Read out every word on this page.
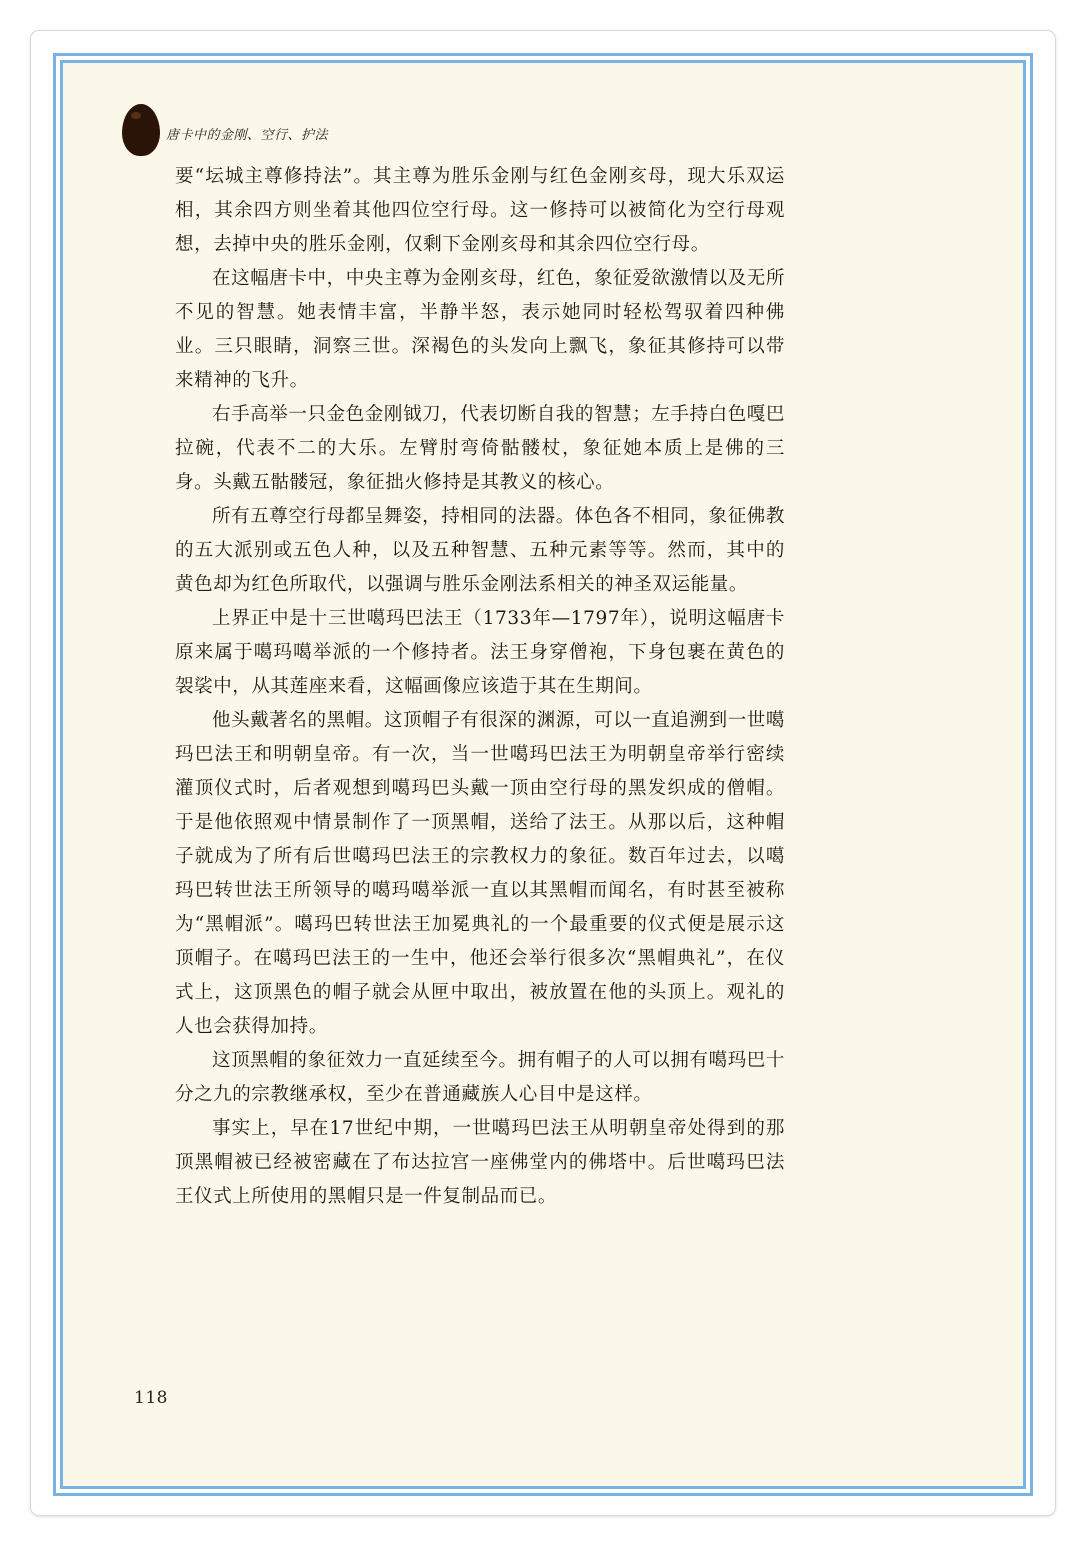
唐卡中的金刚、空行、护法

要“坛城主尊修持法”。其主尊为胜乐金刚与红色金刚亥母，现大乐双运相，其余四方则坐着其他四位空行母。这一修持可以被简化为空行母观想，去掉中央的胜乐金刚，仅剩下金刚亥母和其余四位空行母。

在这幅唐卡中，中央主尊为金刚亥母，红色，象征爱欲激情以及无所不见的智慧。她表情丰富，半静半怒，表示她同时轻松驾驭着四种佛业。三只眼睛，洞察三世。深褐色的头发向上飘飞，象征其修持可以带来精神的飞升。

右手高举一只金色金刚钺刀，代表切断自我的智慧；左手持白色嘎巴拉碗，代表不二的大乐。左臂肘弯倚骷髅杖，象征她本质上是佛的三身。头戴五骷髅冠，象征拙火修持是其教义的核心。

所有五尊空行母都呈舞姿，持相同的法器。体色各不相同，象征佛教的五大派别或五色人种，以及五种智慧、五种元素等等。然而，其中的黄色却为红色所取代，以强调与胜乐金刚法系相关的神圣双运能量。

上界正中是十三世噶玛巴法王（1733年—1797年），说明这幅唐卡原来属于噶玛噶举派的一个修持者。法王身穿僧袍，下身包裹在黄色的袈裟中，从其莲座来看，这幅画像应该造于其在生期间。

他头戴著名的黑帽。这顶帽子有很深的渊源，可以一直追溯到一世噶玛巴法王和明朝皇帝。有一次，当一世噶玛巴法王为明朝皇帝举行密续灌顶仪式时，后者观想到噶玛巴头戴一顶由空行母的黑发织成的僧帽。于是他依照观中情景制作了一顶黑帽，送给了法王。从那以后，这种帽子就成为了所有后世噶玛巴法王的宗教权力的象征。数百年过去，以噶玛巴转世法王所领导的噶玛噶举派一直以其黑帽而闻名，有时甚至被称为“黑帽派”。噶玛巴转世法王加冕典礼的一个最重要的仪式便是展示这顶帽子。在噶玛巴法王的一生中，他还会举行很多次“黑帽典礼”，在仪式上，这顶黑色的帽子就会从匣中取出，被放置在他的头顶上。观礼的人也会获得加持。

这顶黑帽的象征效力一直延续至今。拥有帽子的人可以拥有噶玛巴十分之九的宗教继承权，至少在普通藏族人心目中是这样。

事实上，早在17世纪中期，一世噶玛巴法王从明朝皇帝处得到的那顶黑帽被已经被密藏在了布达拉宫一座佛堂内的佛塔中。后世噶玛巴法王仪式上所使用的黑帽只是一件复制品而已。

118
